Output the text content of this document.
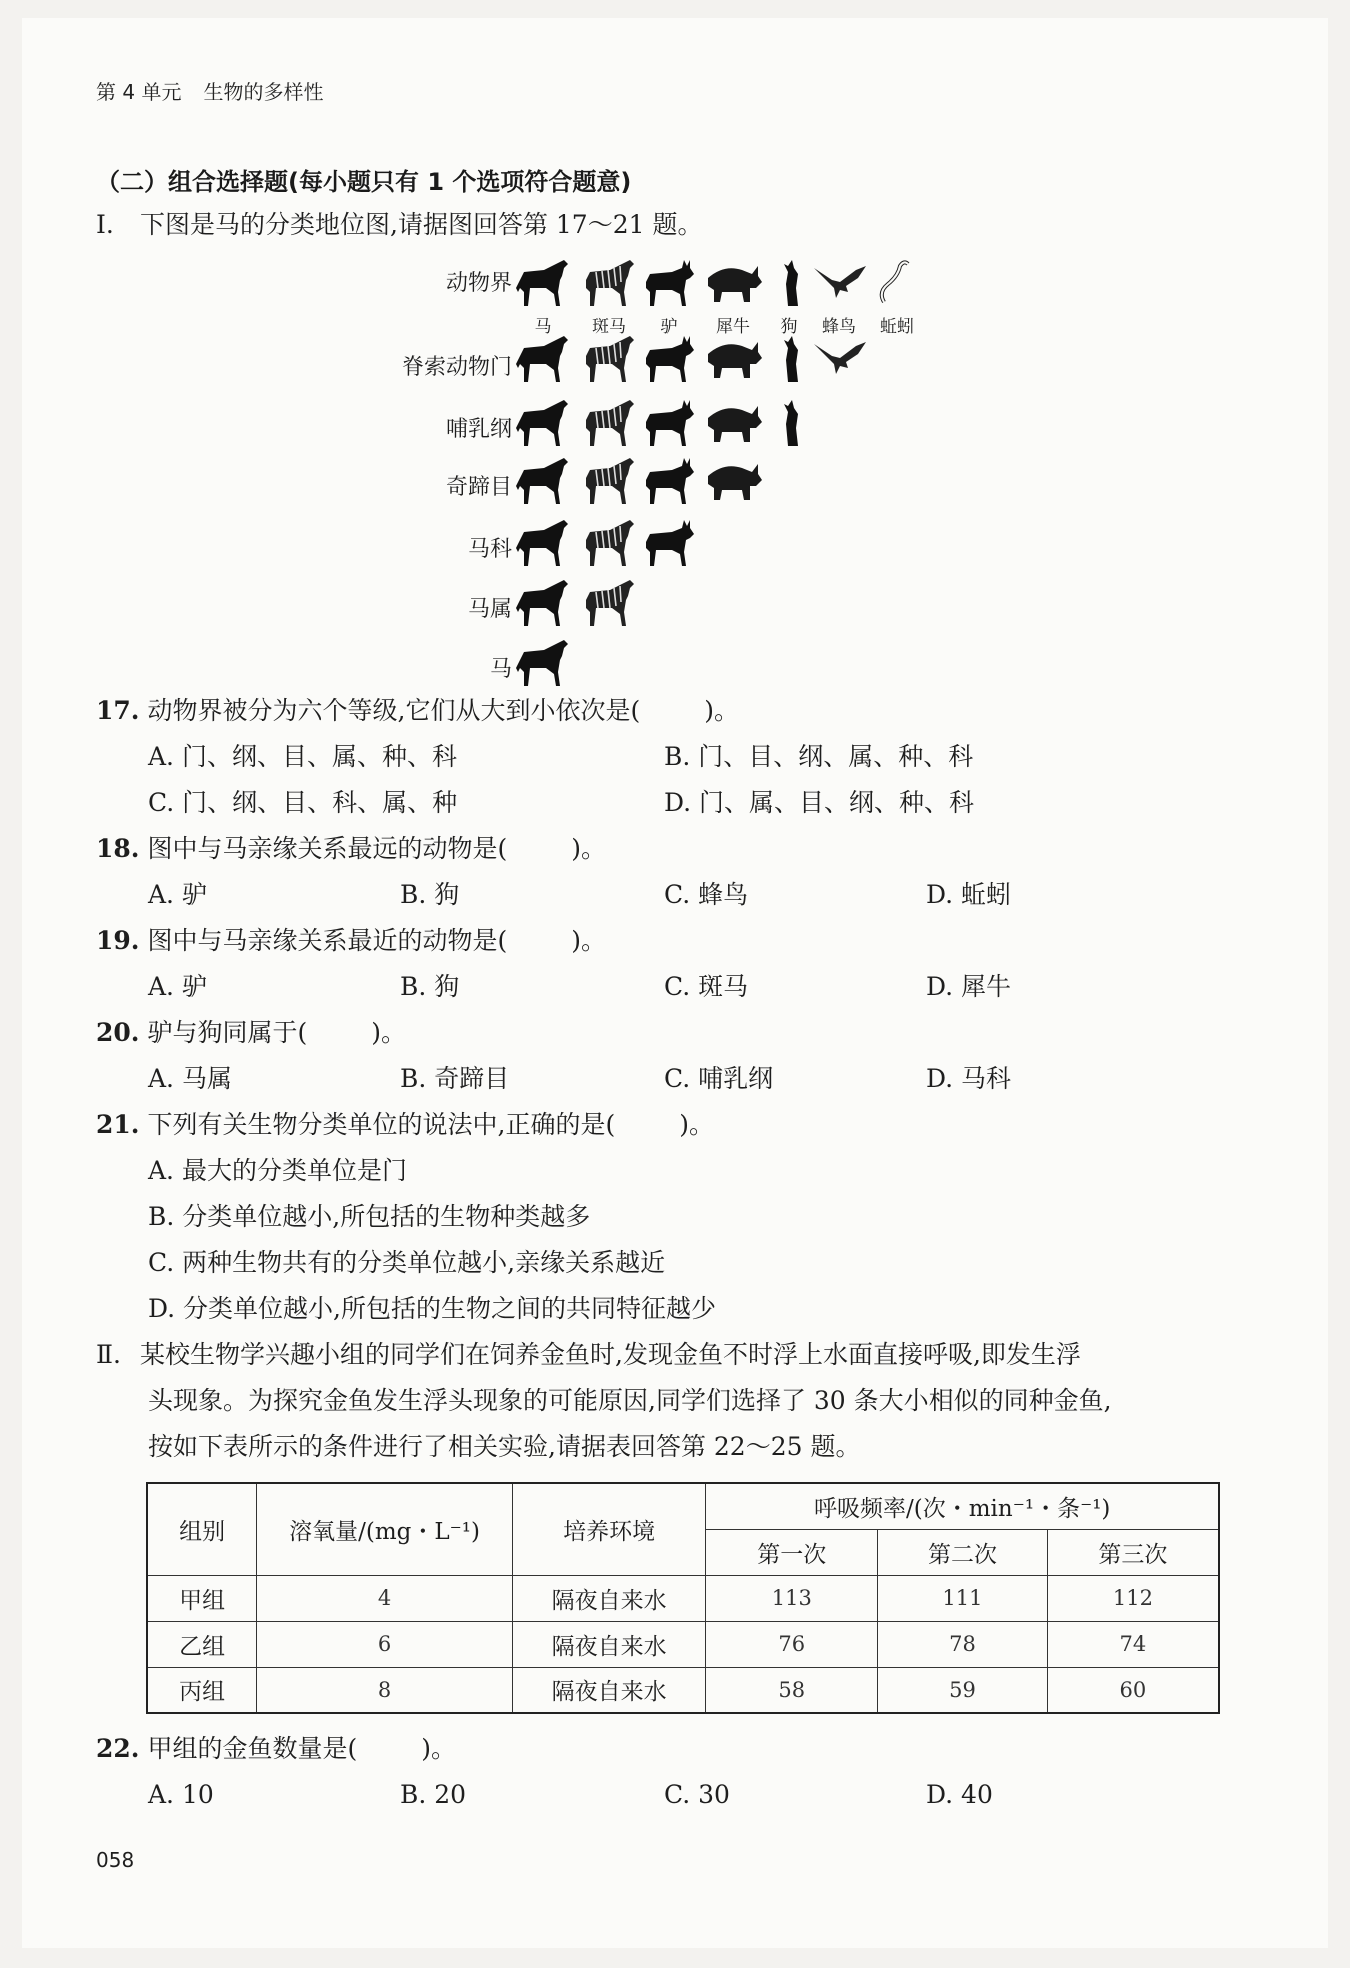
第 4 单元 生物的多样性
（二）组合选择题(每小题只有 1 个选项符合题意)
Ⅰ. 下图是马的分类地位图,请据图回答第 17～21 题。
动物界
脊索动物门
哺乳纲
奇蹄目
马科
马属
马
马	斑马	驴	犀牛	狗	蜂鸟	蚯蚓
17. 动物界被分为六个等级,它们从大到小依次是(	)。
A. 门、纲、目、属、种、科	B. 门、目、纲、属、种、科
C. 门、纲、目、科、属、种	D. 门、属、目、纲、种、科
18. 图中与马亲缘关系最远的动物是(	)。
A. 驴	B. 狗	C. 蜂鸟	D. 蚯蚓
19. 图中与马亲缘关系最近的动物是(	)。
A. 驴	B. 狗	C. 斑马	D. 犀牛
20. 驴与狗同属于(	)。
A. 马属	B. 奇蹄目	C. 哺乳纲	D. 马科
21. 下列有关生物分类单位的说法中,正确的是(	)。
A. 最大的分类单位是门
B. 分类单位越小,所包括的生物种类越多
C. 两种生物共有的分类单位越小,亲缘关系越近
D. 分类单位越小,所包括的生物之间的共同特征越少
Ⅱ. 某校生物学兴趣小组的同学们在饲养金鱼时,发现金鱼不时浮上水面直接呼吸,即发生浮
头现象。为探究金鱼发生浮头现象的可能原因,同学们选择了 30 条大小相似的同种金鱼,
按如下表所示的条件进行了相关实验,请据表回答第 22～25 题。
组别	溶氧量/(mg・L⁻¹)	培养环境	呼吸频率/(次・min⁻¹・条⁻¹)		
			第一次	第二次	第三次
甲组	4	隔夜自来水	113	111	112
乙组	6	隔夜自来水	76	78	74
丙组	8	隔夜自来水	58	59	60
22. 甲组的金鱼数量是(	)。
A. 10	B. 20	C. 30	D. 40
058
